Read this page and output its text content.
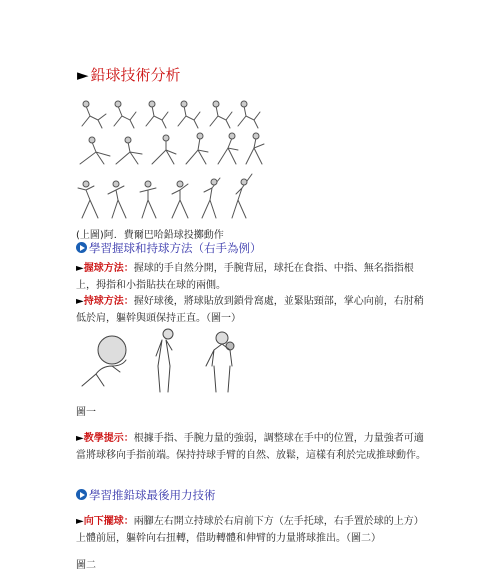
► 鉛球技術分析
(上圖)阿．費爾巴哈鉛球投擲動作
學習握球和持球方法（右手為例）
►握球方法：握球的手自然分開，手腕背屈，球托在食指、中指、無名指指根上，拇指和小指貼扶在球的兩側。
►持球方法：握好球後，將球貼放到鎖骨窩處，並緊貼頸部，掌心向前，右肘稍低於肩，軀幹與頭保持正直。（圖一）
圖一
►教學提示：根據手指、手腕力量的強弱，調整球在手中的位置，力量強者可適當將球移向手指前端。保持持球手臂的自然、放鬆，這樣有利於完成推球動作。
學習推鉛球最後用力技術
►向下擺球：兩腳左右開立持球於右肩前下方（左手托球，右手置於球的上方）上體前屈，軀幹向右扭轉，借助轉體和伸臂的力量將球推出。（圖二）
圖二
